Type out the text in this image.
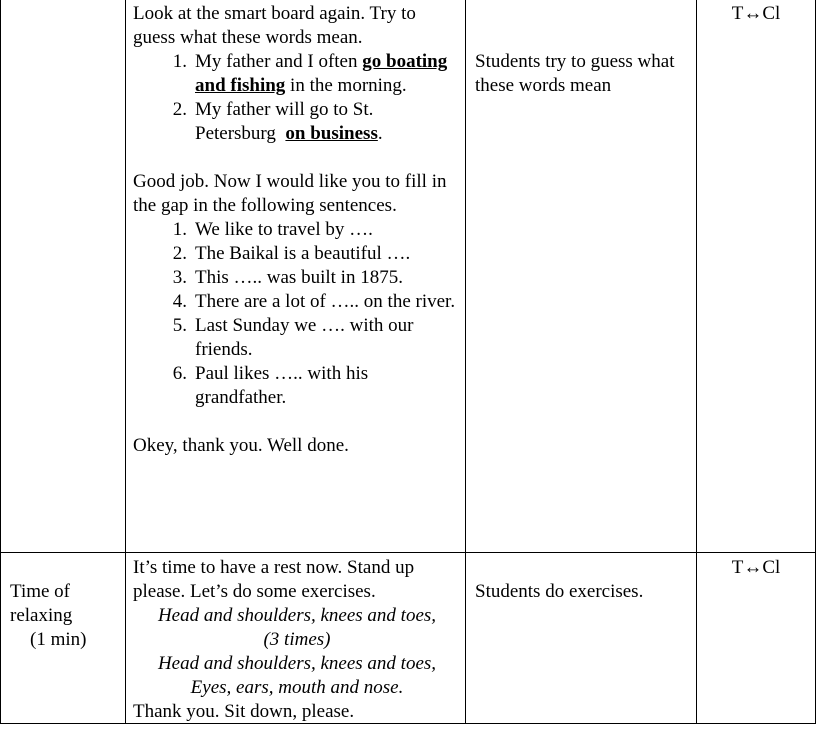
Look at the smart board again. Try to guess what these words mean.

1. My father and I often go boating and fishing in the morning.
2. My father will go to St. Petersburg  on business.

Good job. Now I would like you to fill in the gap in the following sentences.

1. We like to travel by ….
2. The Baikal is a beautiful ….
3. This ….. was built in 1875.
4. There are a lot of ….. on the river.
5. Last Sunday we …. with our friends.
6. Paul likes ….. with his grandfather.

Okey, thank you. Well done.

Students try to guess what these words mean

T↔Cl
Time of
relaxing
(1 min)

It’s time to have a rest now. Stand up please. Let’s do some exercises.

Head and shoulders, knees and toes,
(3 times)
Head and shoulders, knees and toes,
Eyes, ears, mouth and nose.

Thank you. Sit down, please.

Students do exercises.

T↔Cl
